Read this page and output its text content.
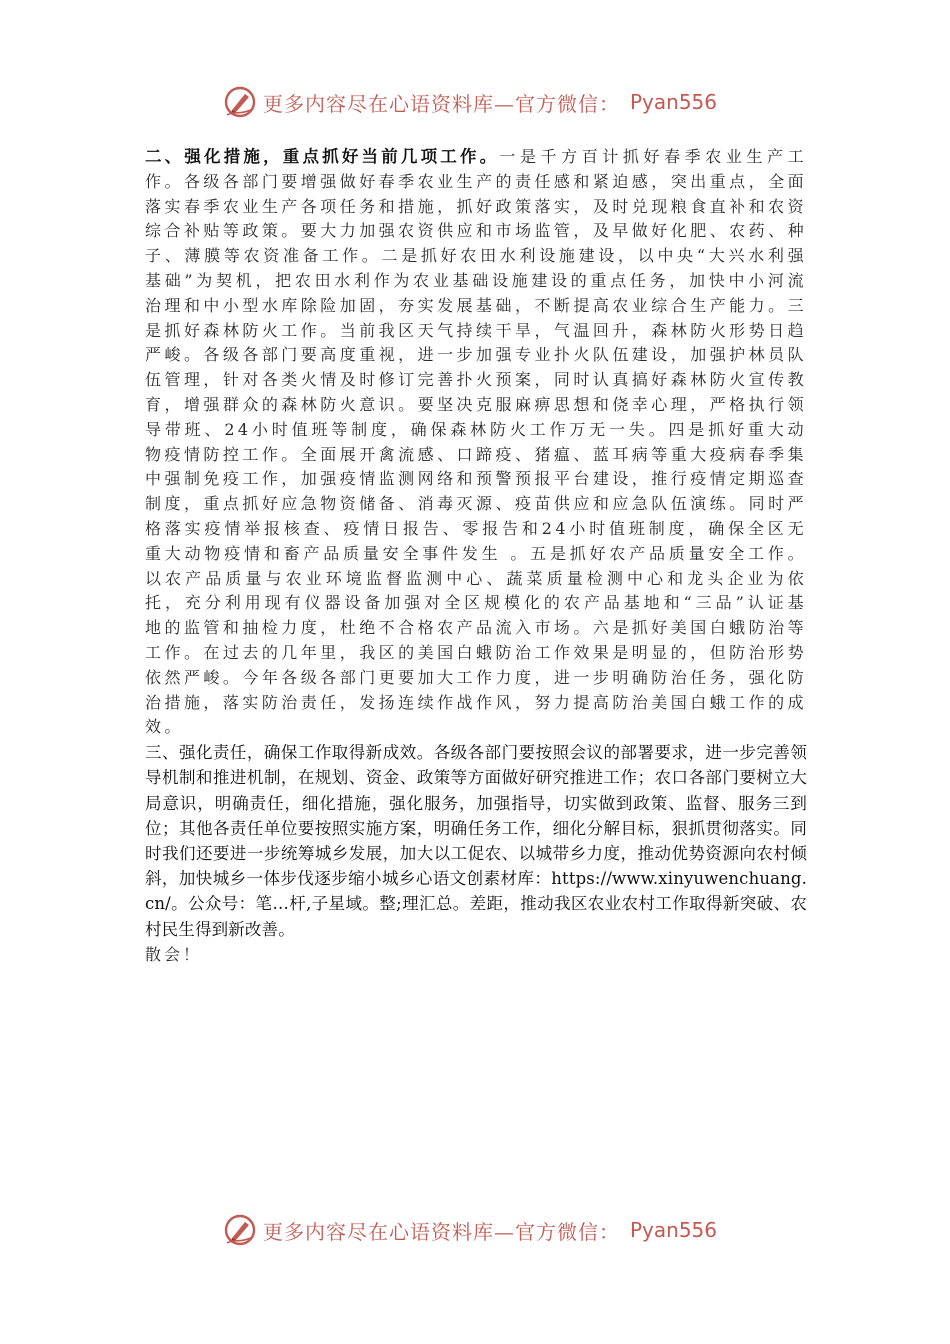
更多内容尽在心语资料库—官方微信： Pyan556

二、强化措施，重点抓好当前几项工作。一是千方百计抓好春季农业生产工作。各级各部门要增强做好春季农业生产的责任感和紧迫感，突出重点，全面落实春季农业生产各项任务和措施，抓好政策落实，及时兑现粮食直补和农资综合补贴等政策。要大力加强农资供应和市场监管，及早做好化肥、农药、种子、薄膜等农资准备工作。二是抓好农田水利设施建设，以中央“大兴水利强基础”为契机，把农田水利作为农业基础设施建设的重点任务，加快中小河流治理和中小型水库除险加固，夯实发展基础，不断提高农业综合生产能力。三是抓好森林防火工作。当前我区天气持续干旱，气温回升，森林防火形势日趋严峻。各级各部门要高度重视，进一步加强专业扑火队伍建设，加强护林员队伍管理，针对各类火情及时修订完善扑火预案，同时认真搞好森林防火宣传教育，增强群众的森林防火意识。要坚决克服麻痹思想和侥幸心理，严格执行领导带班、24小时值班等制度，确保森林防火工作万无一失。四是抓好重大动物疫情防控工作。全面展开禽流感、口蹄疫、猪瘟、蓝耳病等重大疫病春季集中强制免疫工作，加强疫情监测网络和预警预报平台建设，推行疫情定期巡查制度，重点抓好应急物资储备、消毒灭源、疫苗供应和应急队伍演练。同时严格落实疫情举报核查、疫情日报告、零报告和24小时值班制度，确保全区无重大动物疫情和畜产品质量安全事件发生 。五是抓好农产品质量安全工作。以农产品质量与农业环境监督监测中心、蔬菜质量检测中心和龙头企业为依托，充分利用现有仪器设备加强对全区规模化的农产品基地和“三品”认证基地的监管和抽检力度，杜绝不合格农产品流入市场。六是抓好美国白蛾防治等工作。在过去的几年里，我区的美国白蛾防治工作效果是明显的，但防治形势依然严峻。今年各级各部门更要加大工作力度，进一步明确防治任务，强化防治措施，落实防治责任，发扬连续作战作风，努力提高防治美国白蛾工作的成效。

三、强化责任，确保工作取得新成效。各级各部门要按照会议的部署要求，进一步完善领导机制和推进机制，在规划、资金、政策等方面做好研究推进工作；农口各部门要树立大局意识，明确责任，细化措施，强化服务，加强指导，切实做到政策、监督、服务三到位；其他各责任单位要按照实施方案，明确任务工作，细化分解目标，狠抓贯彻落实。同时我们还要进一步统筹城乡发展，加大以工促农、以城带乡力度，推动优势资源向农村倾斜，加快城乡一体步伐逐步缩小城乡心语文创素材库：https://www.xinyuwenchuang.cn/。公众号：笔…杆,子星域。整;理汇总。差距，推动我区农业农村工作取得新突破、农村民生得到新改善。

散会！

更多内容尽在心语资料库—官方微信： Pyan556
